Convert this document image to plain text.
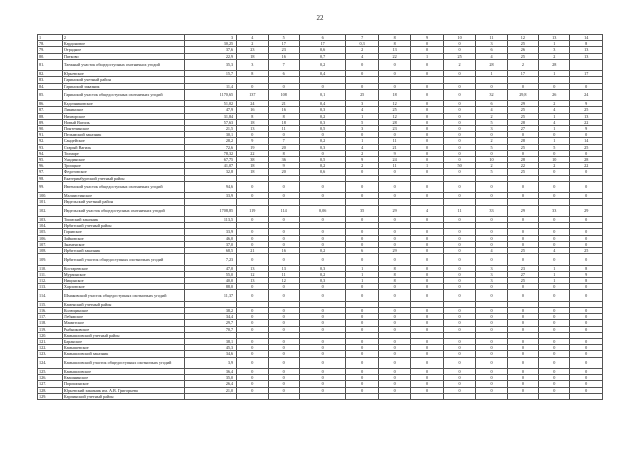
22
1	2	3	4	5	6	7	8	9	10	11	12	13	14
78.	Кардоновое	30,25	2	17	17	0,3	8	0	0	3	25	1	8
79.	Отрадное	37,6	23	23	0,6	2	13	0	0	6	26	3	13
80.	Пятково	22,9	18	16	0,7	4	22	1	25	4	25	2	13
81.	Таежный участок общедоступных охотничьих угодий	35,3	3	7	0,2	0	0	0	2	28	2	28	
82.	Юрьевское	15,7	8	6	0,4	0	0	0	0	1	17	1	17
83.	Гаринский учетный район												
84.	Гаринский заказник	11,4	0	0	0	0	0	0	0	0	0	0	0
85.	Гаринский участок общедоступных охотничьих угодий	1170,65	137	108	0,1	25	18	0	0	32	29,8	26	24
86.	Кадочниковское	51,02	24	21	0,4	3	12	0	0	6	29	2	9
87.	Ликинское	47,9	16	16	0,3	4	25	0	0	4	25	4	25
88.	Нихворское	31,84	8	8	0,2	1	12	0	0	2	25	1	13
89.	Новый Вагиль	57,63	18	18	0,3	5	28	0	0	5	28	4	22
90.	Понтечинское	21,5	13	11	0,5	3	23	0	0	3	27	1	9
91.	Пелымский заказник	30,1	0	0	0	0	0	0	0	0	0	0	0
92.	Сандейское	28,2	9	7	0,2	1	11	0	0	2	28	1	14
93.	Старый Вагиль	72,6	19	20	0,3	4	21	0	0	5	25	5	25
94.	Толмаре	78,32	22	8	0	2	9	0	0	0	0	0	0
95.	Унадинское	67,75	38	36	0,5	9	24	0	0	10	28	10	28
96.	Троицкое	41,07	18	9	0,2	2	11	1	50	2	22	2	22
97.	Федотовское	32,8	18	20	0,6	0	0	0	0	5	25	0	0
98.	Екатеринбургский учетный район												
99.	Ивгенский участок общедоступных охотничьих угодий	94,6	0	0	0	0	0	0	0	0	0	0	0
100.	Малиистинское	33,9	0	0	0	0	0	0	0	0	0	0	0
101.	Ивдельский учетный район												
102.	Ивдельский участок общедоступных охотничьих угодий	1708,85	119	114	0,06	35	29	4	11	33	29	33	29
103.	Тоимский заказник	113,5	0	0	0	0	0	0	0	0	0	0	0
104.	Ирбитский учетный район												
105.	Горявское	33,9	0	0	0	0	0	0	0	0	0	0	0
106.	Зайковское	46,0	0	0	0	0	0	0	0	0	0	0	0
107.	Знаменское	37,0	0	0	0	0	0	0	0	0	0	0	0
108.	Ирбитский заказник	68,5	21	16	0,2	6	29	0	0	4	25	4	25
109.	Ирбитский участок общедоступных охотничьих угодий	7,23	0	0	0	0	0	0	0	0	0	0	0
110.	Костаревское	47,0	13	13	0,3	1	8	0	0	3	23	1	8
111.	Мурзинское	55,0	12	11	0,2	1	8	0	0	3	27	1	9
112.	Ницинское	40,0	13	12	0,3	1	8	0	0	3	25	1	8
113.	Харловское	88,0	0	0	0	0	0	0	0	0	0	0	0
114.	Шмаковский участок общедоступных охотничьих угодий	11,37	0	0	0	0	0	0	0	0	0	0	0
115.	Каменский учетный район												
116.	Колюцинское	38,2	0	0	0	0	0	0	0	0	0	0	0
117.	Лебяжское	34,4	0	0	0	0	0	0	0	0	0	0	0
118.	Мамитское	29,7	0	0	0	0	0	0	0	0	0	0	0
119.	Рыбниковское	70,7	0	0	0	0	0	0	0	0	0	0	0
120.	Камышловский учетный район												
121.	Баранское	38,1	0	0	0	0	0	0	0	0	0	0	0
122.	Камышевское	45,3	0	0	0	0	0	0	0	0	0	0	0
123.	Камышловский заказник	34,6	0	0	0	0	0	0	0	0	0	0	0
124.	Камышловский участок общедоступных охотничьих угодий	3,9	0	0	0	0	0	0	0	0	0	0	0
125.	Камышловское	36,4	0	0	0	0	0	0	0	0	0	0	0
126.	Квашнинское	35,0	0	0	0	0	0	0	0	0	0	0	0
127.	Порошинское	26,4	0	0	0	0	0	0	0	0	0	0	0
128.	Юрьевский заказник им. А.В. Григорьева	21,0	0	0	0	0	0	0	0	0	0	0	0
129.	Карпинский учетный район												
